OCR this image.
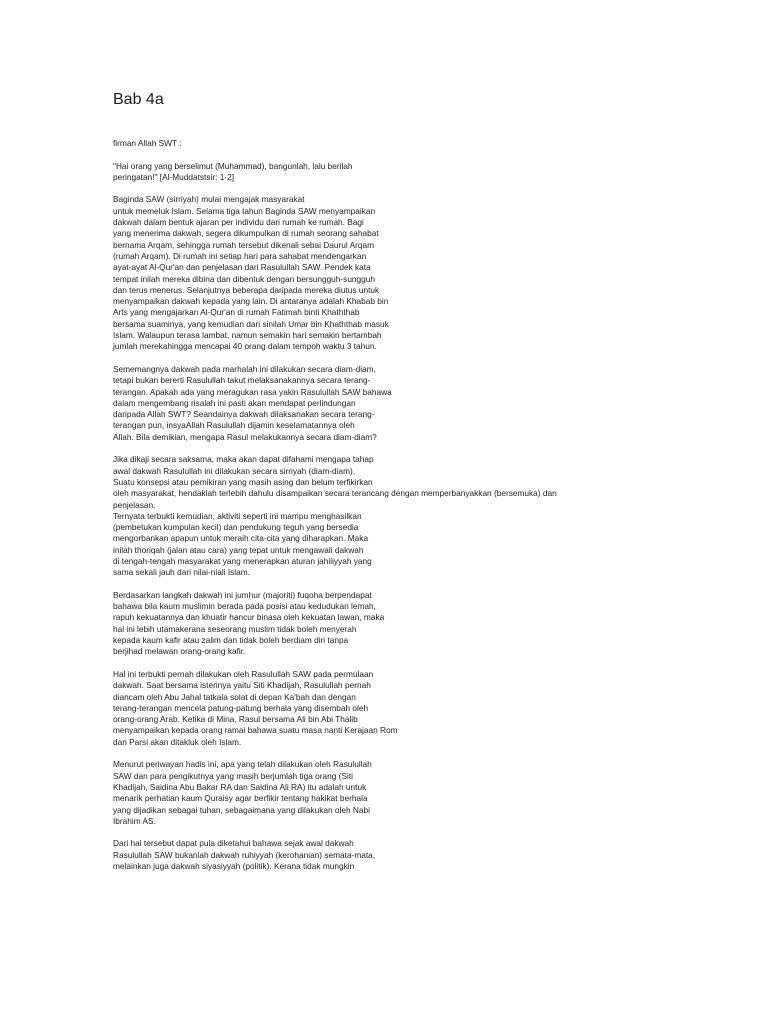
Bab 4a

firman Allah SWT :

"Hai orang yang berselimut (Muhammad), bangunlah, lalu berilah
peringatan!" [Al-Muddatstsir: 1-2]

Baginda SAW (sirriyah) mulai mengajak masyarakat
untuk memeluk Islam. Selama tiga tahun Baginda SAW menyampaikan
dakwah dalam bentuk ajaran per individu dari rumah ke rumah. Bagi
yang menerima dakwah, segera dikumpulkan di rumah seorang sahabat
bernama Arqam, sehingga rumah tersebut dikenali sebai Daurul Arqam
(rumah Arqam). Di rumah ini setiap hari para sahabat mendengarkan
ayat-ayat Al-Qur'an dan penjelasan dari Rasulullah SAW. Pendek kata
tempat inilah mereka dibina dan dibentuk dengan bersungguh-sungguh
dan terus menerus. Selanjutnya beberapa daripada mereka diutus untuk
menyampaikan dakwah kepada yang lain. Di antaranya adalah Khabab bin
Arts yang mengajarkan Al-Qur'an di rumah Fatimah binti Khaththab
bersama suaminya, yang kemudian dari sinilah Umar bin Khaththab masuk
Islam. Walaupun terasa lambat, namun semakin hari semakin bertambah
jumlah merekahingga mencapai 40 orang dalam tempoh waktu 3 tahun.

Sememangnya dakwah pada marhalah ini dilakukan secara diam-diam,
tetapi bukan bererti Rasulullah takut melaksanakannya secara terang-
terangan. Apakah ada yang meragukan rasa yakin Rasulullah SAW bahawa
dalam mengembang risalah ini pasti akan mendapat perlindungan
daripada Allah SWT? Seandainya dakwah dilaksanakan secara terang-
terangan pun, insyaAllah Rasulullah dijamin keselamatannya oleh
Allah. Bila demikian, mengapa Rasul melakukannya secara diam-diam?

Jika dikaji secara saksama, maka akan dapat difahami mengapa tahap
awal dakwah Rasulullah ini dilakukan secara sirriyah (diam-diam).
Suatu konsepsi atau pemikiran yang masih asing dan belum terfikirkan
oleh masyarakat, hendaklah terlebih dahulu disampaikan secara terancang dengan memperbanyakkan (bersemuka) dan
penjelasan.
Ternyata terbukti kemudian, aktiviti seperti ini mampu menghasilkan
(pembetukan kumpulan kecil) dan pendukung teguh yang bersedia
mengorbankan apapun untuk meraih cita-cita yang diharapkan. Maka
inilah thoriqah (jalan atau cara) yang tepat untuk mengawali dakwah
di tengah-tengah masyarakat yang menerapkan aturan jahiliyyah yang
sama sekali jauh dari nilai-niali Islam.

Berdasarkan langkah dakwah ini jumhur (majoriti) fuqoha berpendapat
bahawa bila kaum muslimin berada pada posisi atau kedudukan lemah,
rapuh kekuatannya dan khuatir hancur binasa oleh kekuatan lawan, maka
hal ini lebih utamakerana seseorang muslim tidak boleh menyerah
kepada kaum kafir atau zalim dan tidak boleh berdiam diri tanpa
berjihad melawan orang-orang kafir.

Hal ini terbukti pernah dilakukan oleh Rasulullah SAW pada permulaan
dakwah. Saat bersama isterinya yaitu Siti Khadijah, Rasulullah pernah
diancam oleh Abu Jahal tatkala solat di depan Ka'bah dan dengan
terang-terangan mencela patung-patung berhala yang disembah oleh
orang-orang Arab. Ketika di Mina, Rasul bersama Ali bin Abi Thalib
menyampaikan kepada orang ramai bahawa suatu masa nanti Kerajaan Rom
dan Parsi akan ditakluk oleh Islam.

Menurut periwayan hadis ini, apa yang telah dilakukan oleh Rasulullah
SAW dan para pengikutnya yang masih berjumlah tiga orang (Siti
Khadijah, Saidina Abu Bakar RA dan Saidina Ali RA) itu adalah untuk
menarik perhatian kaum Quraisy agar berfikir tentang hakikat berhala
yang dijadikan sebagai tuhan, sebagaimana yang dilakukan oleh Nabi
Ibrahim AS.

Dari hal tersebut dapat pula diketahui bahawa sejak awal dakwah
Rasulullah SAW bukanlah dakwah ruhiyyah (kerohanian) semata-mata,
melainkan juga dakwah siyasiyyah (politik). Kerana tidak mungkin
